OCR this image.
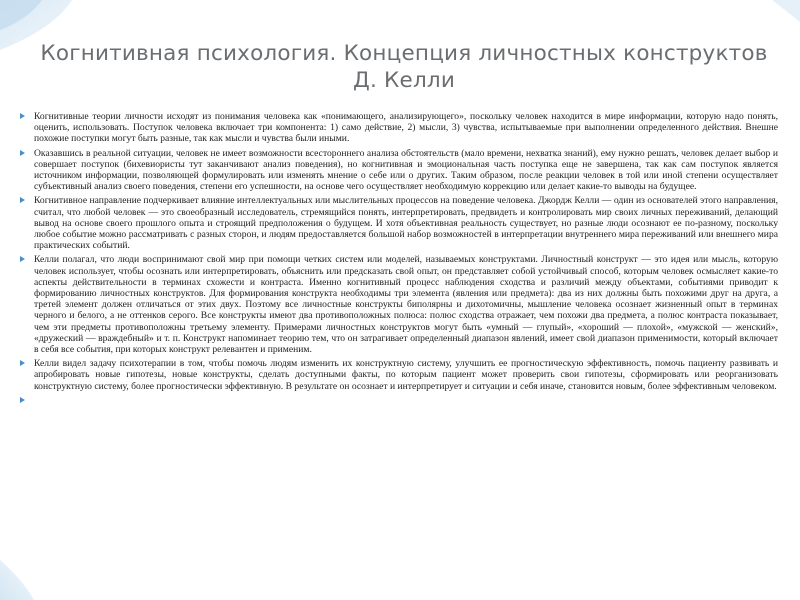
Когнитивная психология. Концепция личностных конструктов
Д. Келли
Когнитивные теории личности исходят из понимания человека как «понимающего, анализирующего», поскольку человек находится в мире информации, которую надо понять, оценить, использовать. Поступок человека включает три компонента: 1) само действие, 2) мысли, 3) чувства, испытываемые при выполнении определенного действия. Внешне похожие поступки могут быть разные, так как мысли и чувства были иными.
Оказавшись в реальной ситуации, человек не имеет возможности всестороннего анализа обстоятельств (мало времени, нехватка знаний), ему нужно решать, человек делает выбор и совершает поступок (бихевиористы тут заканчивают анализ поведения), но когнитивная и эмоциональная часть поступка еще не завершена, так как сам поступок является источником информации, позволяющей формулировать или изменять мнение о себе или о других. Таким образом, после реакции человек в той или иной степени осуществляет субъективный анализ своего поведения, степени его успешности, на основе чего осуществляет необходимую коррекцию или делает какие-то выводы на будущее.
Когнитивное направление подчеркивает влияние интеллектуальных или мыслительных процессов на поведение человека. Джордж Келли — один из основателей этого направления, считал, что любой человек — это своеобразный исследователь, стремящийся понять, интерпретировать, предвидеть и контролировать мир своих личных переживаний, делающий вывод на основе своего прошлого опыта и строящий предположения о будущем. И хотя объективная реальность существует, но разные люди осознают ее по-разному, поскольку любое событие можно рассматривать с разных сторон, и людям предоставляется большой набор возможностей в интерпретации внутреннего мира переживаний или внешнего мира практических событий.
Келли полагал, что люди воспринимают свой мир при помощи четких систем или моделей, называемых конструктами. Личностный конструкт — это идея или мысль, которую человек использует, чтобы осознать или интерпретировать, объяснить или предсказать свой опыт, он представляет собой устойчивый способ, которым человек осмысляет какие-то аспекты действительности в терминах схожести и контраста. Именно когнитивный процесс наблюдения сходства и различий между объектами, событиями приводит к формированию личностных конструктов. Для формирования конструкта необходимы три элемента (явления или предмета): два из них должны быть похожими друг на друга, а третей элемент должен отличаться от этих двух. Поэтому все личностные конструкты биполярны и дихотомичны, мышление человека осознает жизненный опыт в терминах черного и белого, а не оттенков серого. Все конструкты имеют два противоположных полюса: полюс сходства отражает, чем похожи два предмета, а полюс контраста показывает, чем эти предметы противоположны третьему элементу. Примерами личностных конструктов могут быть «умный — глупый», «хороший — плохой», «мужской — женский», «дружеский — враждебный» и т. п. Конструкт напоминает теорию тем, что он затрагивает определенный диапазон явлений, имеет свой диапазон применимости, который включает в себя все события, при которых конструкт релевантен и применим.
Келли видел задачу психотерапии в том, чтобы помочь людям изменить их конструктную систему, улучшить ее прогностическую эффективность, помочь пациенту развивать и апробировать новые гипотезы, новые конструкты, сделать доступными факты, по которым пациент может проверить свои гипотезы, сформировать или реорганизовать конструктную систему, более прогностически эффективную. В результате он осознает и интерпретирует и ситуации и себя иначе, становится новым, более эффективным человеком.
